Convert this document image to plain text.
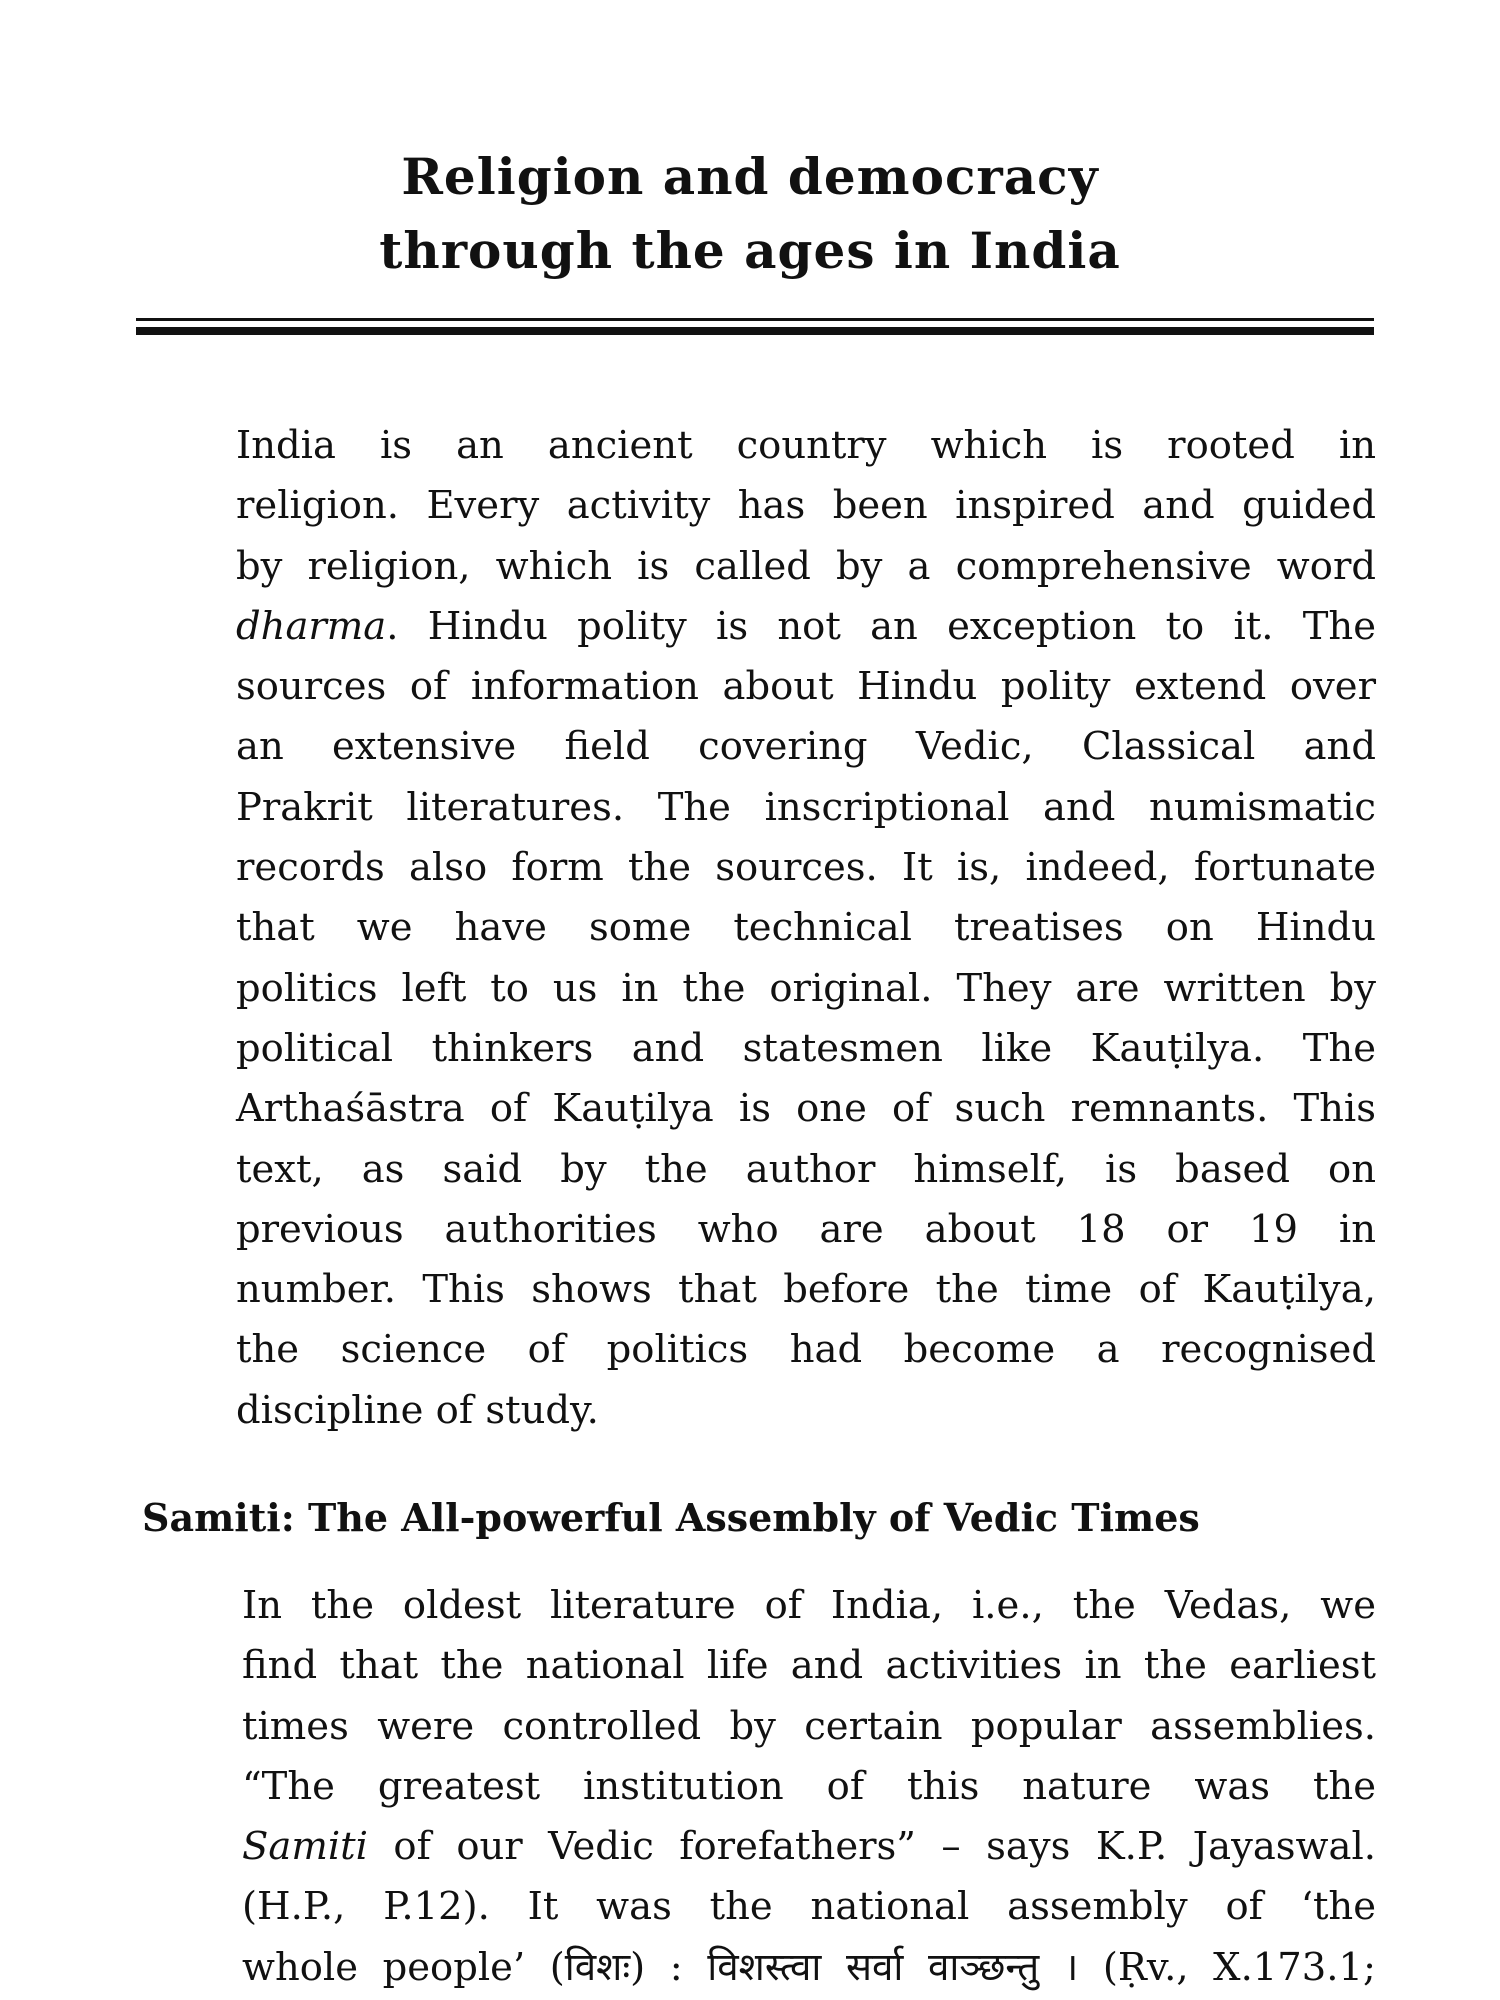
Religion and democracy
through the ages in India

India is an ancient country which is rooted in
religion. Every activity has been inspired and guided
by religion, which is called by a comprehensive word
dharma. Hindu polity is not an exception to it. The
sources of information about Hindu polity extend over
an extensive field covering Vedic, Classical and
Prakrit literatures. The inscriptional and numismatic
records also form the sources. It is, indeed, fortunate
that we have some technical treatises on Hindu
politics left to us in the original. They are written by
political thinkers and statesmen like Kauṭilya. The
Arthaśāstra of Kauṭilya is one of such remnants. This
text, as said by the author himself, is based on
previous authorities who are about 18 or 19 in
number. This shows that before the time of Kauṭilya,
the science of politics had become a recognised
discipline of study.

Samiti: The All-powerful Assembly of Vedic Times

In the oldest literature of India, i.e., the Vedas, we
find that the national life and activities in the earliest
times were controlled by certain popular assemblies.
“The greatest institution of this nature was the
Samiti of our Vedic forefathers” – says K.P. Jayaswal.
(H.P., P.12). It was the national assembly of ‘the
whole people’ (विशः) : विशस्त्वा सर्वा वाञ्छन्तु । (Ṛv., X.173.1;
